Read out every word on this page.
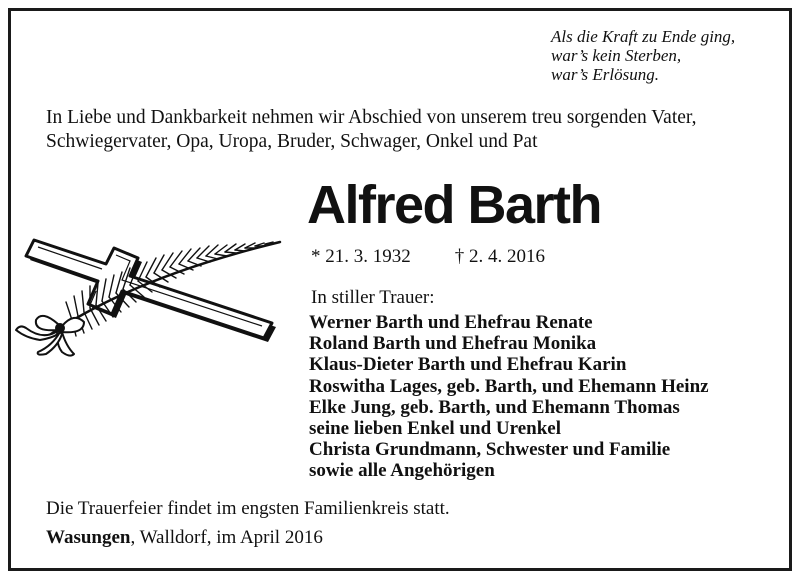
Als die Kraft zu Ende ging,
war’s kein Sterben,
war’s Erlösung.
In Liebe und Dankbarkeit nehmen wir Abschied von unserem treu sorgenden Vater,
Schwiegervater, Opa, Uropa, Bruder, Schwager, Onkel und Pat
Alfred Barth
* 21. 3. 1932 † 2. 4. 2016
In stiller Trauer:
Werner Barth und Ehefrau Renate
Roland Barth und Ehefrau Monika
Klaus-Dieter Barth und Ehefrau Karin
Roswitha Lages, geb. Barth, und Ehemann Heinz
Elke Jung, geb. Barth, und Ehemann Thomas
seine lieben Enkel und Urenkel
Christa Grundmann, Schwester und Familie
sowie alle Angehörigen
Die Trauerfeier findet im engsten Familienkreis statt.
Wasungen, Walldorf, im April 2016
